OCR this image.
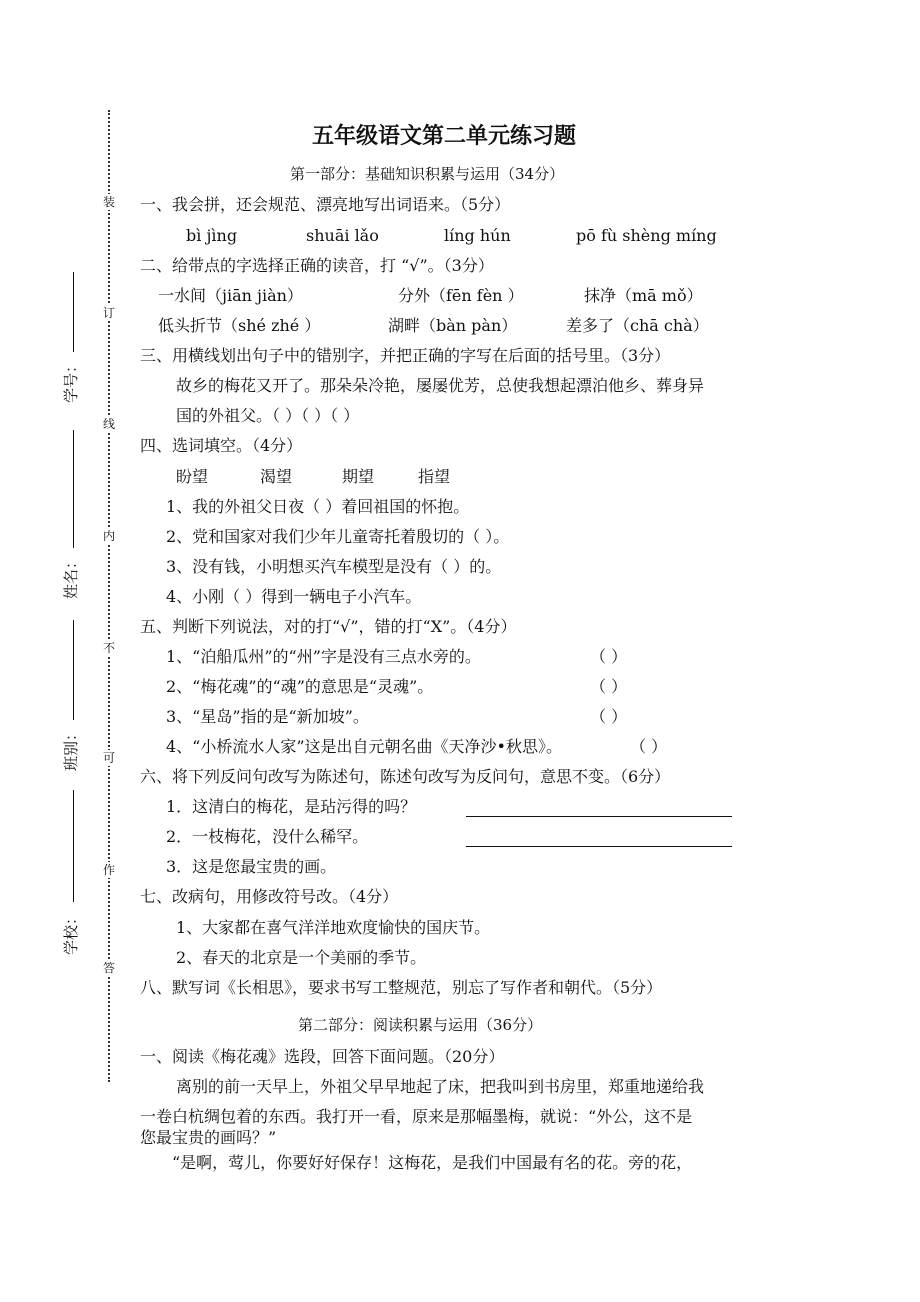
装
订
线
内
不
可
作
答
学号：
姓名：
班别：
学校：
五年级语文第二单元练习题
第一部分：基础知识积累与运用（34分）
一、我会拼，还会规范、漂亮地写出词语来。（5分）
bì jìng	shuāi lǎo	líng hún	pō fù shèng míng
二、给带点的字选择正确的读音，打 “√”。（3分）
一水间（jiān jiàn）	分外（fēn fèn ）	抹净（mā mǒ）
低头折节（shé zhé ）	湖畔（bàn pàn）	差多了（chā chà）
三、用横线划出句子中的错别字，并把正确的字写在后面的括号里。（3分）
故乡的梅花又开了。那朵朵冷艳，屡屡优芳，总使我想起漂泊他乡、葬身异
国的外祖父。（ ）（ ）（ ）
四、选词填空。（4分）
盼望	渴望	期望	指望
1、我的外祖父日夜（ ）着回祖国的怀抱。
2、党和国家对我们少年儿童寄托着殷切的（ ）。
3、没有钱，小明想买汽车模型是没有（ ）的。
4、小刚（ ）得到一辆电子小汽车。
五、判断下列说法，对的打“√”，错的打“X”。（4分）
1、“泊船瓜州”的“州”字是没有三点水旁的。	（ ）
2、“梅花魂”的“魂”的意思是“灵魂”。	（ ）
3、“星岛”指的是“新加坡”。	（ ）
4、“小桥流水人家”这是出自元朝名曲《天净沙•秋思》。	（ ）
六、将下列反问句改写为陈述句，陈述句改写为反问句，意思不变。（6分）
1．这清白的梅花，是玷污得的吗？
2．一枝梅花，没什么稀罕。
3．这是您最宝贵的画。
七、改病句，用修改符号改。（4分）
1、大家都在喜气洋洋地欢度愉快的国庆节。
2、春天的北京是一个美丽的季节。
八、默写词《长相思》，要求书写工整规范，别忘了写作者和朝代。（5分）
第二部分：阅读积累与运用（36分）
一、阅读《梅花魂》选段，回答下面问题。（20分）
离别的前一天早上，外祖父早早地起了床，把我叫到书房里，郑重地递给我
一卷白杭绸包着的东西。我打开一看，原来是那幅墨梅，就说：“外公，这不是
您最宝贵的画吗？”
“是啊，莺儿，你要好好保存！这梅花，是我们中国最有名的花。旁的花，
